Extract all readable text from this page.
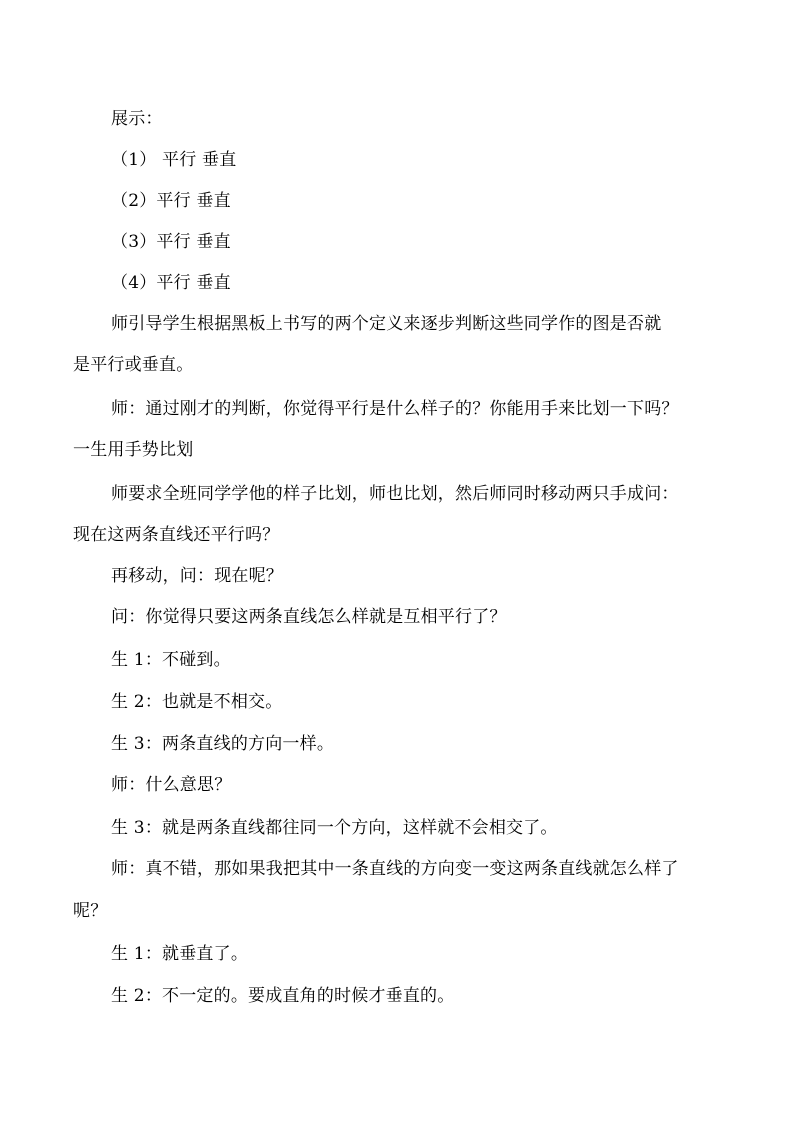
展示：
（1） 平行 垂直
（2）平行 垂直
（3）平行 垂直
（4）平行 垂直
师引导学生根据黑板上书写的两个定义来逐步判断这些同学作的图是否就
是平行或垂直。
师：通过刚才的判断，你觉得平行是什么样子的？你能用手来比划一下吗？
一生用手势比划
师要求全班同学学他的样子比划，师也比划，然后师同时移动两只手成问：
现在这两条直线还平行吗？
再移动，问：现在呢？
问：你觉得只要这两条直线怎么样就是互相平行了？
生 1：不碰到。
生 2：也就是不相交。
生 3：两条直线的方向一样。
师：什么意思？
生 3：就是两条直线都往同一个方向，这样就不会相交了。
师：真不错，那如果我把其中一条直线的方向变一变这两条直线就怎么样了
呢？
生 1：就垂直了。
生 2：不一定的。要成直角的时候才垂直的。
